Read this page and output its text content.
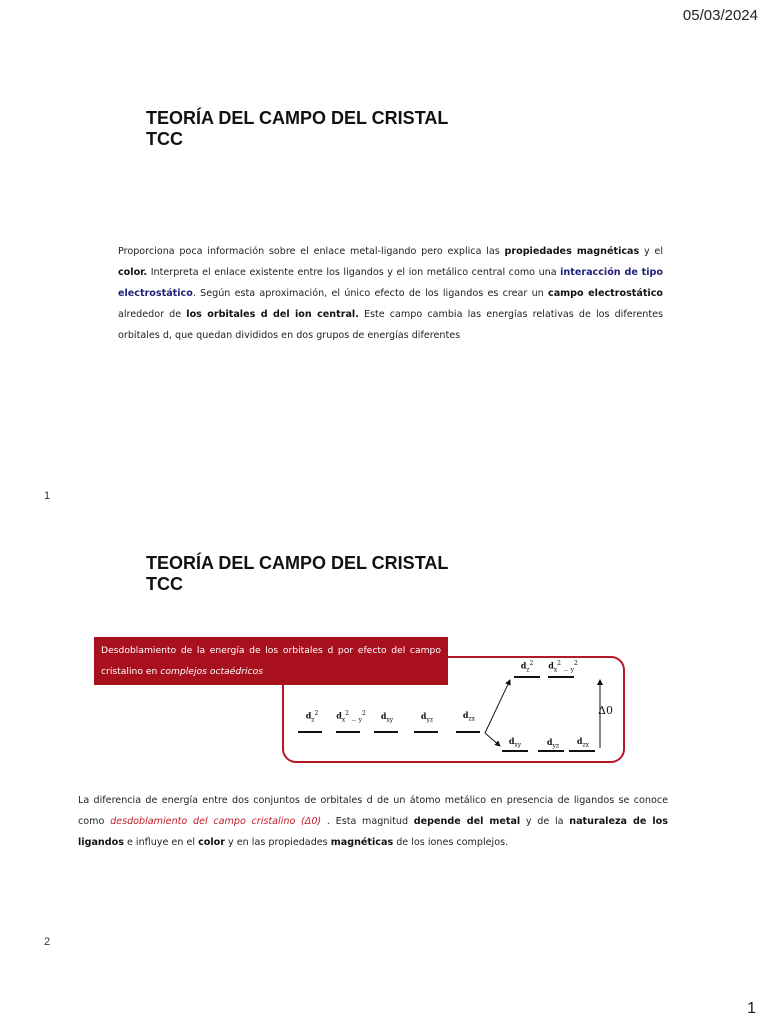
05/03/2024
TEORÍA DEL CAMPO DEL CRISTAL
TCC
Proporciona poca información sobre el enlace metal-ligando pero explica las propiedades magnéticas y el color. Interpreta el enlace existente entre los ligandos y el ion metálico central como una interacción de tipo electrostático. Según esta aproximación, el único efecto de los ligandos es crear un campo electrostático alrededor de los orbitales d del ion central. Este campo cambia las energías relativas de los diferentes orbitales d, que quedan divididos en dos grupos de energías diferentes
1
TEORÍA DEL CAMPO DEL CRISTAL
TCC
Desdoblamiento de la energía de los orbitales d por efecto del campo cristalino en complejos octaédricos
$d_z^2$	$d_x^2$ _ $_y^2$	$d_{xy}$	$d_{yz}$
$d_{zx}$
$d_z^2$	$d_x^2$ _ $_y^2$
$d_{xy}$	$d_{yz}$
$d_{zx}$
Δ0
La diferencia de energía entre dos conjuntos de orbitales d de un átomo metálico en presencia de ligandos se conoce como desdoblamiento del campo cristalino (Δ0) . Esta magnitud depende del metal y de la naturaleza de los ligandos e influye en el color y en las propiedades magnéticas de los iones complejos.
2
1
